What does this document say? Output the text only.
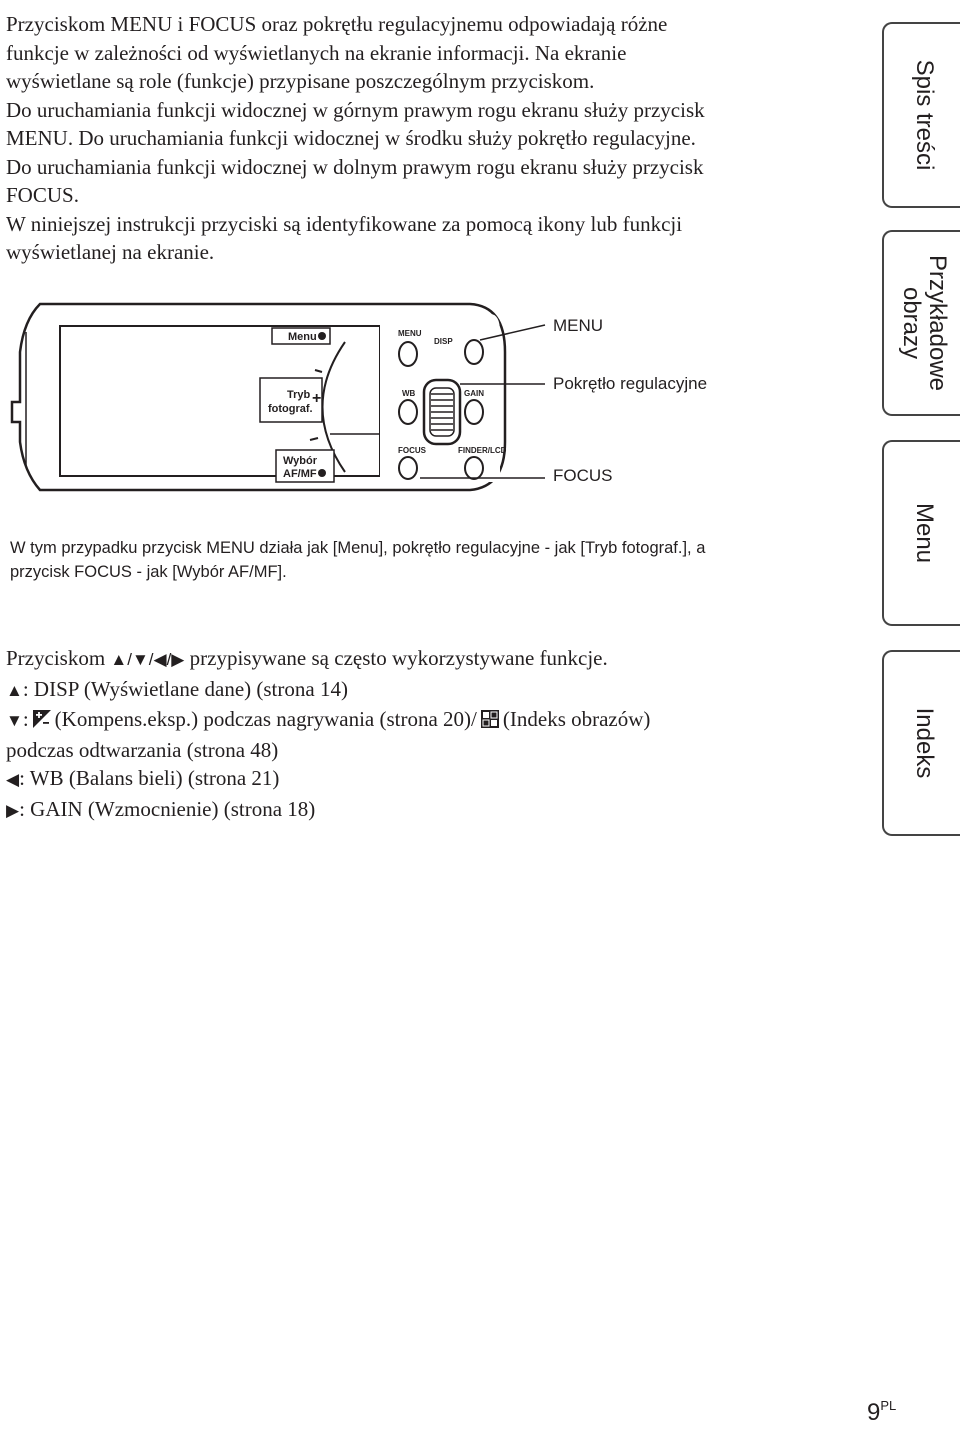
Przyciskom MENU i FOCUS oraz pokrętłu regulacyjnemu odpowiadają różne
funkcje w zależności od wyświetlanych na ekranie informacji. Na ekranie
wyświetlane są role (funkcje) przypisane poszczególnym przyciskom.
Do uruchamiania funkcji widocznej w górnym prawym rogu ekranu służy przycisk
MENU. Do uruchamiania funkcji widocznej w środku służy pokrętło regulacyjne.
Do uruchamiania funkcji widocznej w dolnym prawym rogu ekranu służy przycisk
FOCUS.
W niniejszej instrukcji przyciski są identyfikowane za pomocą ikony lub funkcji
wyświetlanej na ekranie.
Menu
Tryb
fotograf.
+
Wybór
AF/MF
MENU
DISP
WB	GAIN
FOCUS	FINDER/LCD
MENU
Pokrętło regulacyjne
FOCUS
W tym przypadku przycisk MENU działa jak [Menu], pokrętło regulacyjne - jak [Tryb fotograf.], a
przycisk FOCUS - jak [Wybór AF/MF].
Przyciskom ▲/▼/◀/▶ przypisywane są często wykorzystywane funkcje.
▲: DISP (Wyświetlane dane) (strona 14)
▼: (Kompens.eksp.) podczas nagrywania (strona 20)/ (Indeks obrazów)
podczas odtwarzania (strona 48)
◀: WB (Balans bieli) (strona 21)
▶: GAIN (Wzmocnienie) (strona 18)
Spis treści
Przykładowe obrazy
Menu
Indeks
$9^{PL}$
